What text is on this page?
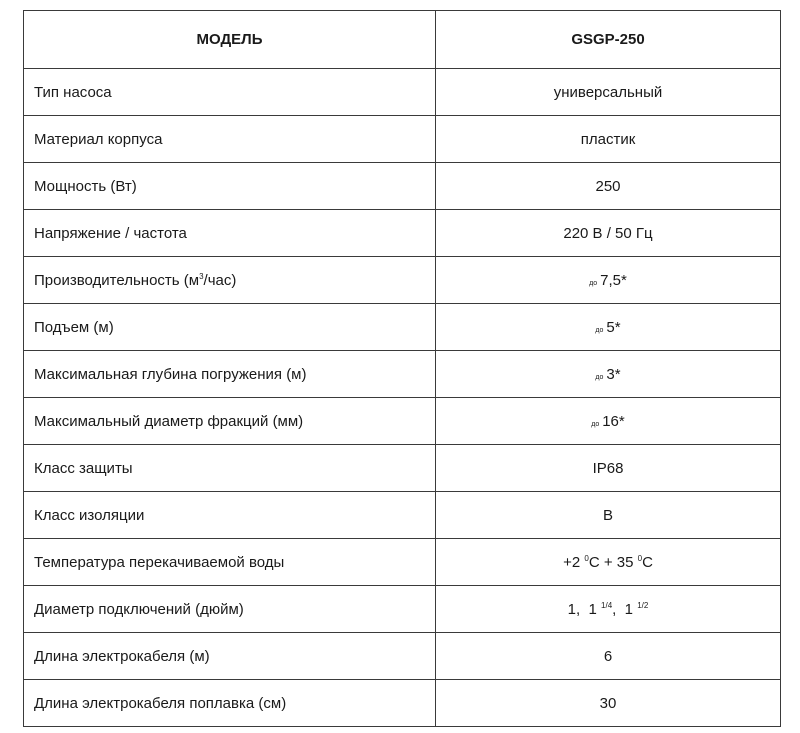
МОДЕЛЬ	GSGP-250
Тип насоса	универсальный
Материал корпуса	пластик
Мощность (Вт)	250
Напряжение / частота	220 В / 50 Гц
Производительность $(м^3/час)$	до 7,5*
Подъем (м)	до 5*
Максимальная глубина погружения (м)	до 3*
Максимальный диаметр фракций (мм)	до 16*
Класс защиты	IP68
Класс изоляции	B
Температура перекачиваемой воды	+2 $^0$C + 35 $^0$C
Диаметр подключений (дюйм)	1,  1 $^{1/4}$,  1 $^{1/2}$
Длина электрокабеля (м)	6
Длина электрокабеля поплавка (см)	30
